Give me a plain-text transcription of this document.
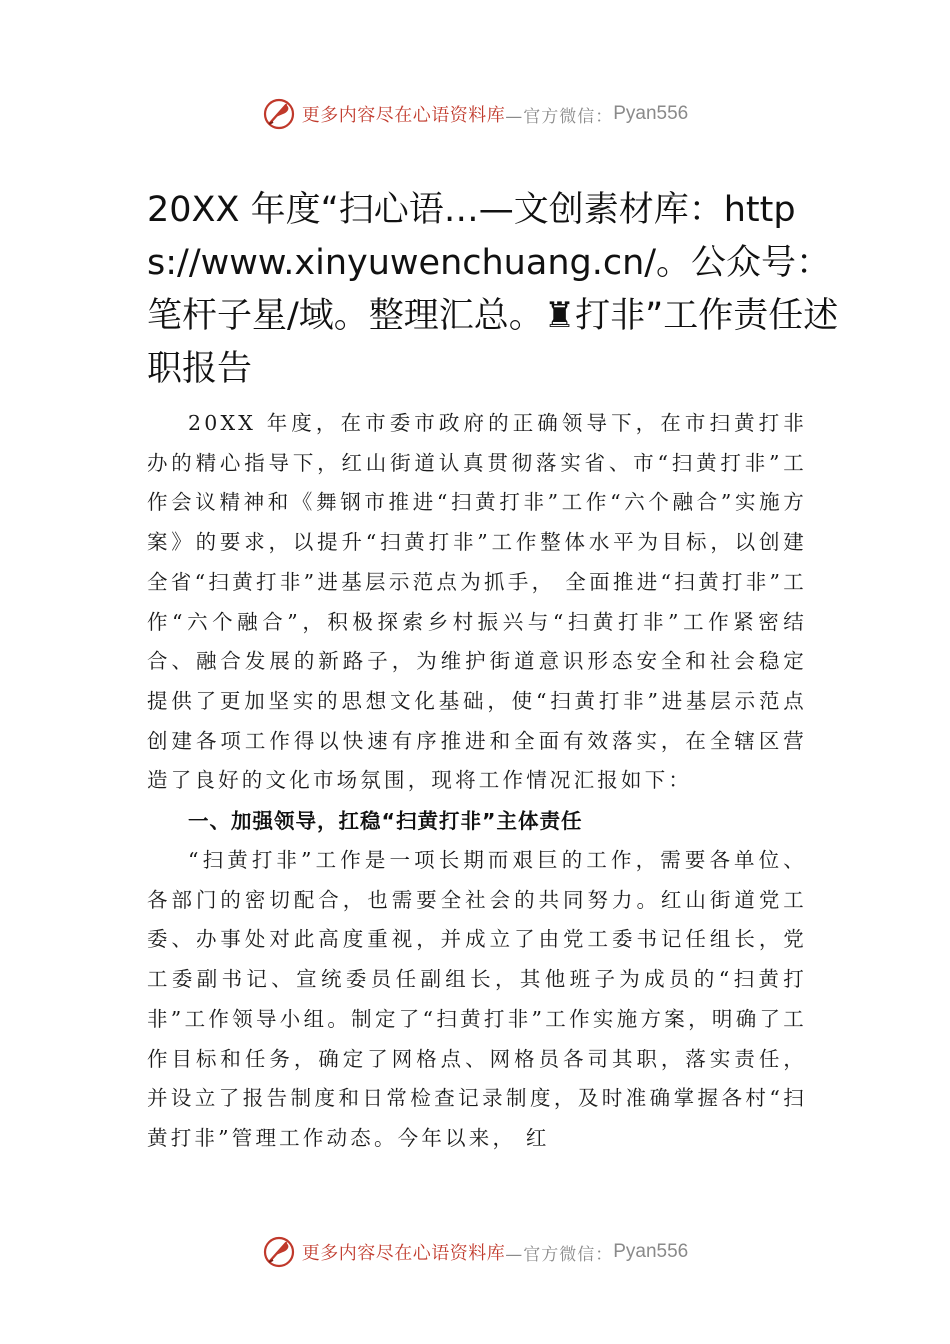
更多内容尽在心语资料库 —官方微信： Pyan556
20XX 年度“扫心语…—文创素材库：https://www.xinyuwenchuang.cn/。公众号：笔杆子星/域。整理汇总。♜打非”工作责任述职报告

20XX 年度，在市委市政府的正确领导下，在市扫黄打非办的精心指导下，红山街道认真贯彻落实省、市“扫黄打非”工作会议精神和《舞钢市推进“扫黄打非”工作“六个融合”实施方案》的要求，以提升“扫黄打非”工作整体水平为目标，以创建全省“扫黄打非”进基层示范点为抓手， 全面推进“扫黄打非”工作“六个融合”，积极探索乡村振兴与“扫黄打非”工作紧密结合、融合发展的新路子，为维护街道意识形态安全和社会稳定提供了更加坚实的思想文化基础，使“扫黄打非”进基层示范点创建各项工作得以快速有序推进和全面有效落实，在全辖区营造了良好的文化市场氛围，现将工作情况汇报如下：

一、加强领导，扛稳“扫黄打非”主体责任

“扫黄打非”工作是一项长期而艰巨的工作，需要各单位、各部门的密切配合，也需要全社会的共同努力。红山街道党工委、办事处对此高度重视，并成立了由党工委书记任组长，党工委副书记、宣统委员任副组长，其他班子为成员的“扫黄打非”工作领导小组。制定了“扫黄打非”工作实施方案，明确了工作目标和任务，确定了网格点、网格员各司其职，落实责任，并设立了报告制度和日常检查记录制度，及时准确掌握各村“扫黄打非”管理工作动态。今年以来， 红

更多内容尽在心语资料库 —官方微信： Pyan556
